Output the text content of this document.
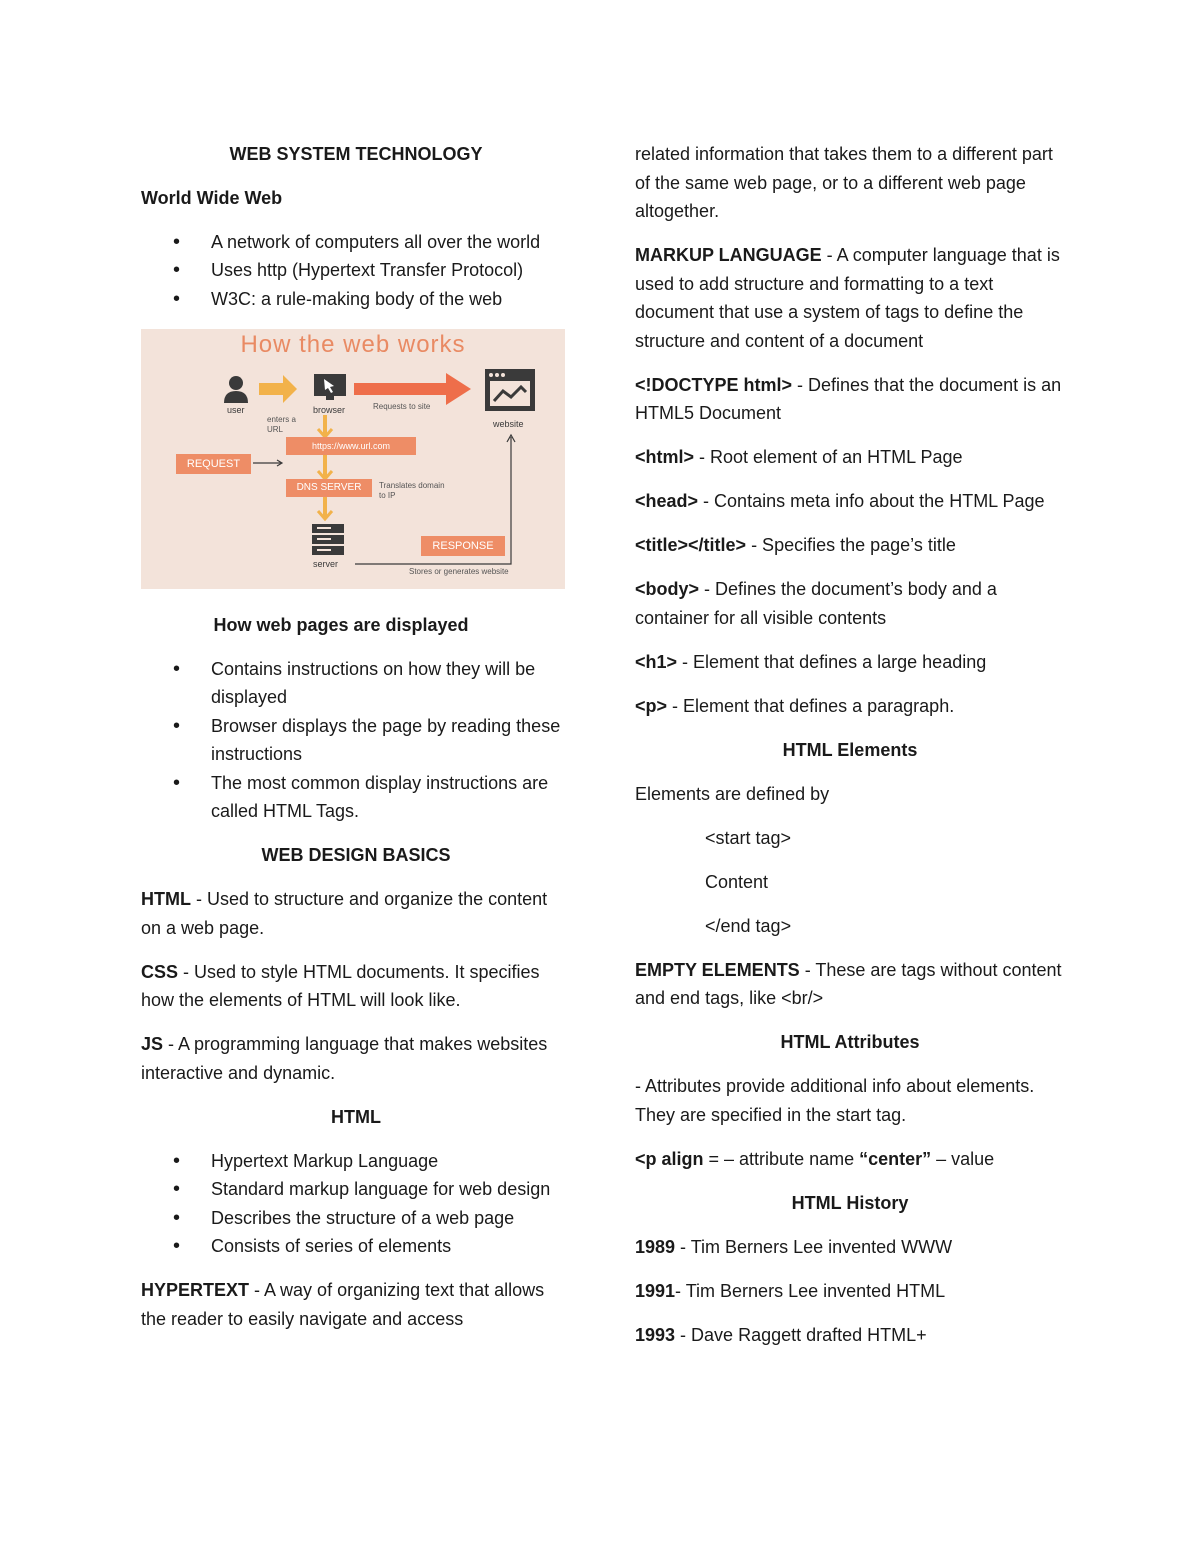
WEB SYSTEM TECHNOLOGY

World Wide Web

• A network of computers all over the world
• Uses http (Hypertext Transfer Protocol)
• W3C: a rule-making body of the web
How the web works
user	browser
website
server
enters a URL
Requests to site
Translates domain to IP
Stores or generates website
https://www.url.com
REQUEST
DNS SERVER
RESPONSE

How web pages are displayed

• Contains instructions on how they will be displayed
• Browser displays the page by reading these instructions
• The most common display instructions are called HTML Tags.

WEB DESIGN BASICS

HTML - Used to structure and organize the content on a web page.

CSS - Used to style HTML documents. It specifies how the elements of HTML will look like.

JS - A programming language that makes websites interactive and dynamic.

HTML

• Hypertext Markup Language
• Standard markup language for web design
• Describes the structure of a web page
• Consists of series of elements

HYPERTEXT - A way of organizing text that allows the reader to easily navigate and access

related information that takes them to a different part of the same web page, or to a different web page altogether.

MARKUP LANGUAGE - A computer language that is used to add structure and formatting to a text document that use a system of tags to define the structure and content of a document

<!DOCTYPE html> - Defines that the document is an HTML5 Document

<html> - Root element of an HTML Page

<head> - Contains meta info about the HTML Page

<title></title> - Specifies the page’s title

<body> - Defines the document’s body and a container for all visible contents

<h1> - Element that defines a large heading

<p> - Element that defines a paragraph.

HTML Elements

Elements are defined by

<start tag>

Content

</end tag>

EMPTY ELEMENTS - These are tags without content and end tags, like <br/>

HTML Attributes

- Attributes provide additional info about elements. They are specified in the start tag.

<p align = – attribute name “center” – value

HTML History

1989 - Tim Berners Lee invented WWW

1991- Tim Berners Lee invented HTML

1993 - Dave Raggett drafted HTML+
